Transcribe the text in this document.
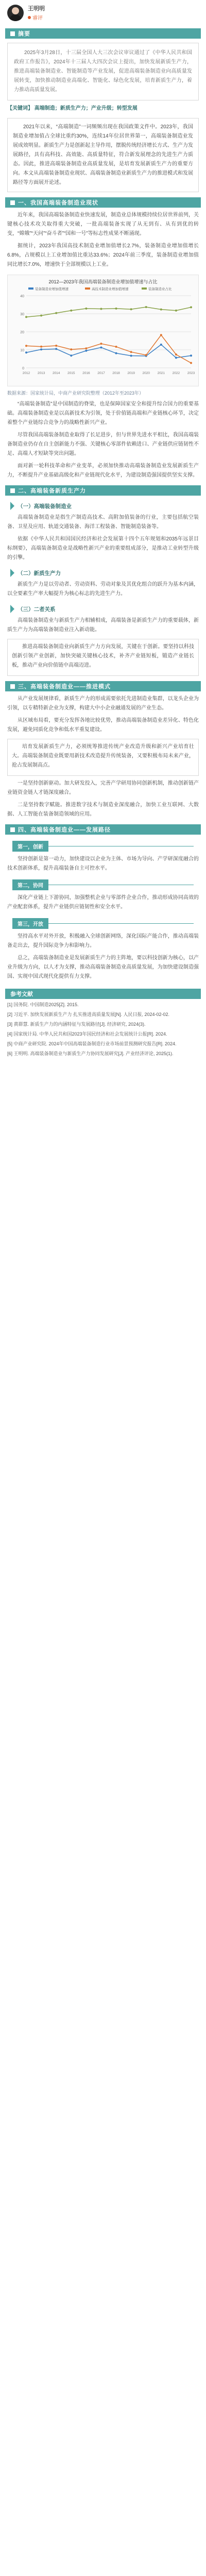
王明明
睿评
摘要

2025年3月28日，十三届全国人大三次会议审议通过了《中华人民共和国政府工作报告》，2024年十三届人大四次会议上提出，加快发展新质生产力，推进高端装备制造业、智能制造等产业发展，促进高端装备制造业向高质量发展转变，加快推动制造业高端化、智能化、绿色化发展，培育新质生产力，着力推动高质量发展。

【关键词】 高端制造；新质生产力；产业升级；转型发展
2021年以来，“高端制造”一词频频出现在我国政策文件中。2023年，我国制造业增加值占全球比重约30%，连续14年位居世界第一，高端装备制造业发展成效明显。新质生产力是创新起主导作用，摆脱传统经济增长方式、生产力发展路径，具有高科技、高效能、高质量特征，符合新发展理念的先进生产力质态。因此，推进高端装备制造业高质量发展，是培育发展新质生产力的重要方向。本文从高端装备制造业现状、高端装备制造业新质生产力的推进模式和发展路径等方面展开论述。
一、我国高端装备制造业现状
近年来，我国高端装备制造业快速发展，制造业总体规模持续位居世界前列，关键核心技术攻关取得重大突破，一批高端装备实现了从无到有、从有到优的转变，“嫦娥”“天问”“奋斗者”“国和一号”等标志性成果不断涌现。
据统计，2023年我国高技术制造业增加值增长2.7%，装备制造业增加值增长6.8%，占规模以上工业增加值比重达33.6%；2024年前三季度，装备制造业增加值同比增长7.0%，增速快于全部规模以上工业。
2012—2023年我国高端装备制造业增加值增速与占比
2012 2013 2014 2015 2016 2017 2018 2019 2020 2021 2022 2023
0
10
20
30
40
装备制造业增加值增速	高技术制造业增加值增速	装备制造业占比
数据来源：国家统计局，中商产业研究院整理（2012年至2023年）
“高端装备制造”是中国制造的脊梁，也是保障国家安全和提升综合国力的重要基础。高端装备制造业是以高新技术为引领，处于价值链高端和产业链核心环节，决定着整个产业链综合竞争力的战略性新兴产业。
尽管我国高端装备制造业取得了长足进步，但与世界先进水平相比，我国高端装备制造业仍存在自主创新能力不强、关键核心零部件依赖进口、产业链供应链韧性不足、高端人才短缺等突出问题。
面对新一轮科技革命和产业变革，必须加快推动高端装备制造业发展新质生产力，不断提升产业基础高级化和产业链现代化水平，为建设制造强国提供坚实支撑。
二、高端装备新质生产力
（一）高端装备制造业
高端装备制造业是指生产制造高技术、高附加值装备的行业，主要包括航空装备、卫星及应用、轨道交通装备、海洋工程装备、智能制造装备等。
依据《中华人民共和国国民经济和社会发展第十四个五年规划和2035年远景目标纲要》，高端装备制造业是战略性新兴产业的重要组成部分，是推动工业转型升级的引擎。
（二）新质生产力
新质生产力是以劳动者、劳动资料、劳动对象及其优化组合的跃升为基本内涵，以全要素生产率大幅提升为核心标志的先进生产力。
（三）二者关系
高端装备制造业与新质生产力相辅相成，高端装备是新质生产力的重要载体，新质生产力为高端装备制造业注入新动能。
推进高端装备制造业向新质生产力方向发展，关键在于创新。要坚持以科技创新引领产业创新，加快突破关键核心技术，补齐产业链短板，锻造产业链长板，推动产业向价值链中高端迈进。
三、高端装备制造业——推进模式
从产业发展规律看，新质生产力的形成需要依托先进制造业集群，以龙头企业为引领，以专精特新企业为支撑，构建大中小企业融通发展的产业生态。
从区域布局看，要充分发挥各地比较优势，推动高端装备制造业差异化、特色化发展，避免同质化竞争和低水平重复建设。
培育发展新质生产力，必须统筹推进传统产业改造升级和新兴产业培育壮大。高端装备制造业既要用新技术改造提升传统装备，又要积极布局未来产业，抢占发展制高点。
一是坚持创新驱动。加大研发投入，完善产学研用协同创新机制，推动创新链产业链资金链人才链深度融合。
二是坚持数字赋能。推进数字技术与制造业深度融合，加快工业互联网、大数据、人工智能在装备制造领域的应用。
四、高端装备制造业——发展路径
第一，创新
坚持创新是第一动力，加快建设以企业为主体、市场为导向、产学研深度融合的技术创新体系，提升高端装备自主可控水平。
第二，协同
深化产业链上下游协同，加强整机企业与零部件企业合作，推动形成协同高效的产业配套体系，提升产业链供应链韧性和安全水平。
第三，开放
坚持高水平对外开放，积极融入全球创新网络，深化国际产能合作，推动高端装备走出去，提升国际竞争力和影响力。
总之，高端装备制造业是发展新质生产力的主阵地，要以科技创新为核心，以产业升级为方向，以人才为支撑，推动高端装备制造业高质量发展，为加快建设制造强国、实现中国式现代化提供有力支撑。
参考文献
[1] 国务院. 中国制造2025[Z]. 2015.
[2] 习近平. 加快发展新质生产力 扎实推进高质量发展[N]. 人民日报, 2024-02-02.
[3] 黄群慧. 新质生产力的内涵特征与发展路径[J]. 经济研究, 2024(3).
[4] 国家统计局. 中华人民共和国2023年国民经济和社会发展统计公报[R]. 2024.
[5] 中商产业研究院. 2024年中国高端装备制造行业市场前景预测研究报告[R]. 2024.
[6] 王明明. 高端装备制造业与新质生产力协同发展研究[J]. 产业经济评论, 2025(1).
